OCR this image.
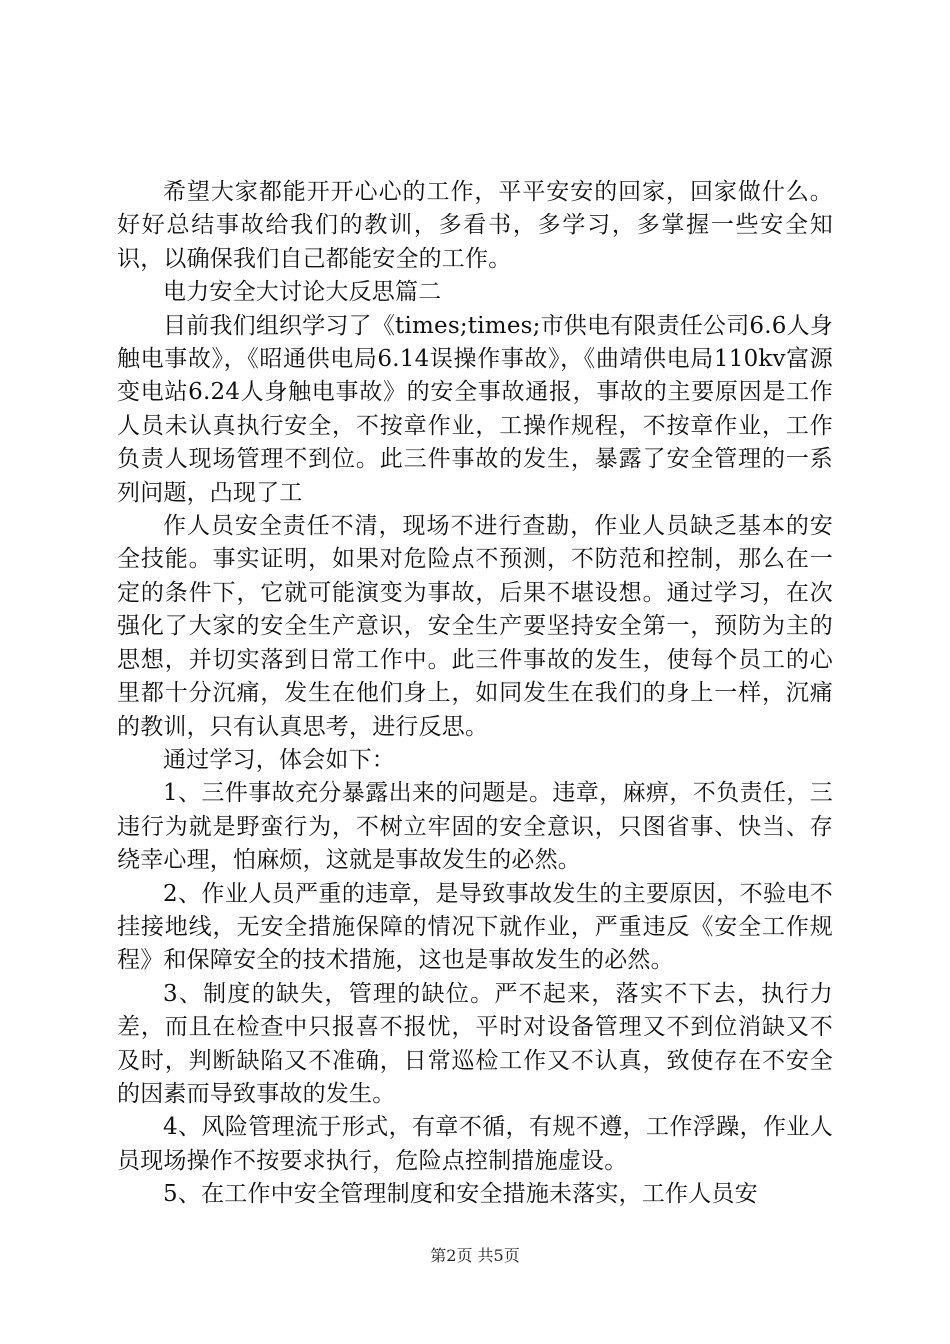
希望大家都能开开心心的工作，平平安安的回家，回家做什么。好好总结事故给我们的教训，多看书，多学习，多掌握一些安全知识，以确保我们自己都能安全的工作。

电力安全大讨论大反思篇二

目前我们组织学习了《times;times;市供电有限责任公司6.6人身触电事故》，《昭通供电局6.14误操作事故》，《曲靖供电局110kv富源变电站6.24人身触电事故》的安全事故通报，事故的主要原因是工作人员未认真执行安全，不按章作业，工操作规程，不按章作业，工作负责人现场管理不到位。此三件事故的发生，暴露了安全管理的一系列问题，凸现了工

作人员安全责任不清，现场不进行查勘，作业人员缺乏基本的安全技能。事实证明，如果对危险点不预测，不防范和控制，那么在一定的条件下，它就可能演变为事故，后果不堪设想。通过学习，在次强化了大家的安全生产意识，安全生产要坚持安全第一，预防为主的思想，并切实落到日常工作中。此三件事故的发生，使每个员工的心里都十分沉痛，发生在他们身上，如同发生在我们的身上一样，沉痛的教训，只有认真思考，进行反思。

通过学习，体会如下：

1、三件事故充分暴露出来的问题是。违章，麻痹，不负责任，三违行为就是野蛮行为，不树立牢固的安全意识，只图省事、快当、存绕幸心理，怕麻烦，这就是事故发生的必然。

2、作业人员严重的违章，是导致事故发生的主要原因，不验电不挂接地线，无安全措施保障的情况下就作业，严重违反《安全工作规程》和保障安全的技术措施，这也是事故发生的必然。

3、制度的缺失，管理的缺位。严不起来，落实不下去，执行力差，而且在检查中只报喜不报忧，平时对设备管理又不到位消缺又不及时，判断缺陷又不准确，日常巡检工作又不认真，致使存在不安全的因素而导致事故的发生。

4、风险管理流于形式，有章不循，有规不遵，工作浮躁，作业人员现场操作不按要求执行，危险点控制措施虚设。

5、在工作中安全管理制度和安全措施未落实，工作人员安

第2页 共5页
